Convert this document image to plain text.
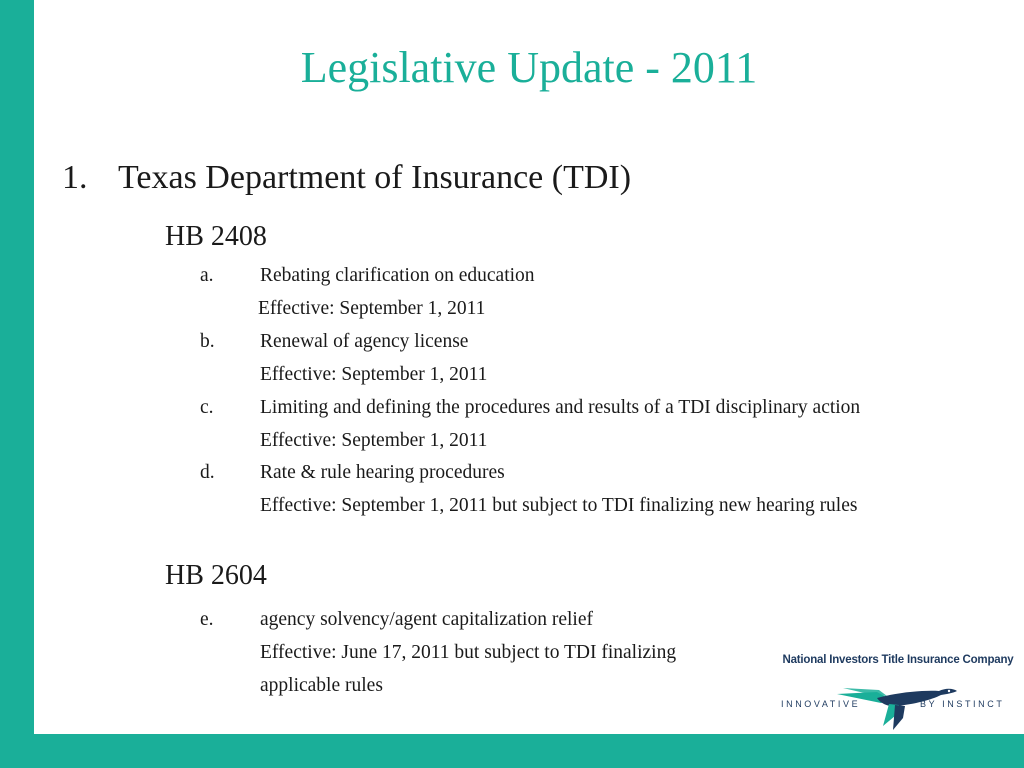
Legislative Update - 2011
1. Texas Department of Insurance (TDI)
HB 2408
a. Rebating clarification on education
Effective: September 1, 2011
b. Renewal of agency license
Effective: September 1, 2011
c. Limiting and defining the procedures and results of a TDI disciplinary action
Effective: September 1, 2011
d. Rate & rule hearing procedures
Effective: September 1, 2011 but subject to TDI finalizing new hearing rules
HB 2604
e. agency solvency/agent capitalization relief
Effective: June 17, 2011 but subject to TDI finalizing
applicable rules
National Investors Title Insurance Company
INNOVATIVE	BY INSTINCT
